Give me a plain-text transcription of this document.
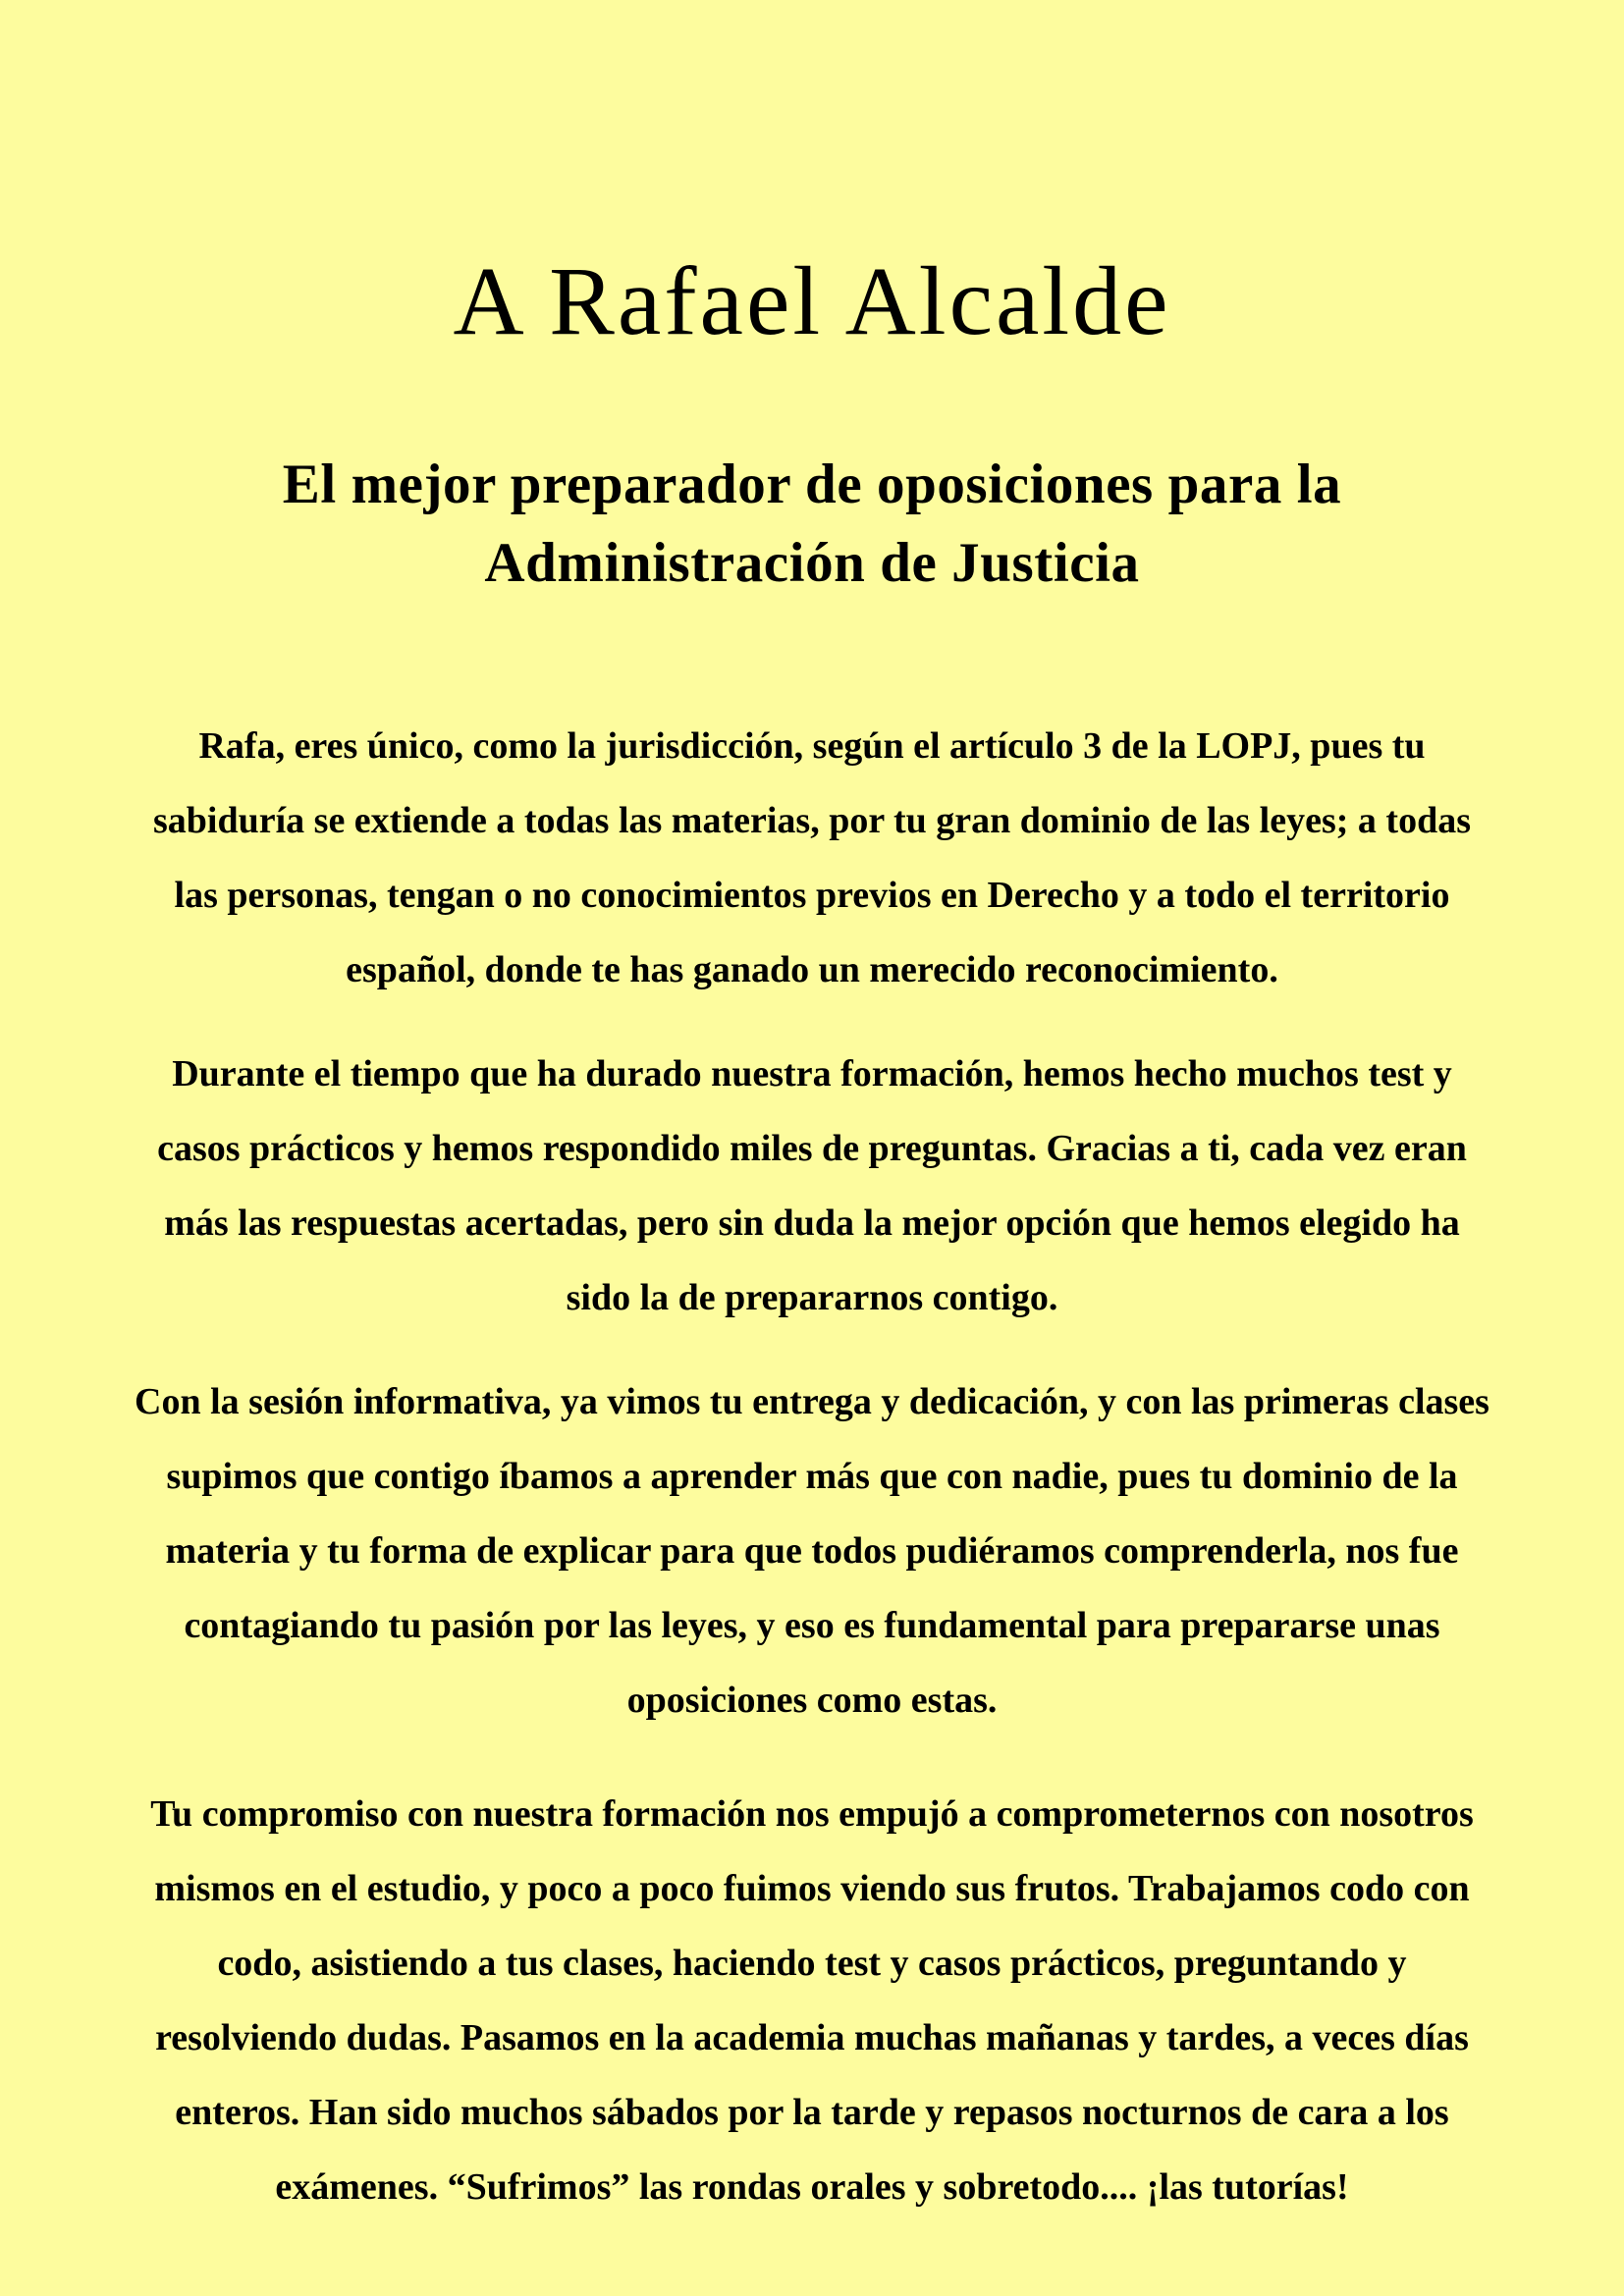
A Rafael Alcalde
El mejor preparador de oposiciones para la Administración de Justicia

Rafa, eres único, como la jurisdicción, según el artículo 3 de la LOPJ, pues tu sabiduría se extiende a todas las materias, por tu gran dominio de las leyes; a todas las personas, tengan o no conocimientos previos en Derecho y a todo el territorio español, donde te has ganado un merecido reconocimiento.

Durante el tiempo que ha durado nuestra formación, hemos hecho muchos test y casos prácticos y hemos respondido miles de preguntas. Gracias a ti, cada vez eran más las respuestas acertadas, pero sin duda la mejor opción que hemos elegido ha sido la de prepararnos contigo.

Con la sesión informativa, ya vimos tu entrega y dedicación, y con las primeras clases supimos que contigo íbamos a aprender más que con nadie, pues tu dominio de la materia y tu forma de explicar para que todos pudiéramos comprenderla, nos fue contagiando tu pasión por las leyes, y eso es fundamental para prepararse unas oposiciones como estas.

Tu compromiso con nuestra formación nos empujó a comprometernos con nosotros mismos en el estudio, y poco a poco fuimos viendo sus frutos. Trabajamos codo con codo, asistiendo a tus clases, haciendo test y casos prácticos, preguntando y resolviendo dudas. Pasamos en la academia muchas mañanas y tardes, a veces días enteros. Han sido muchos sábados por la tarde y repasos nocturnos de cara a los exámenes. “Sufrimos” las rondas orales y sobretodo.... ¡las tutorías!
